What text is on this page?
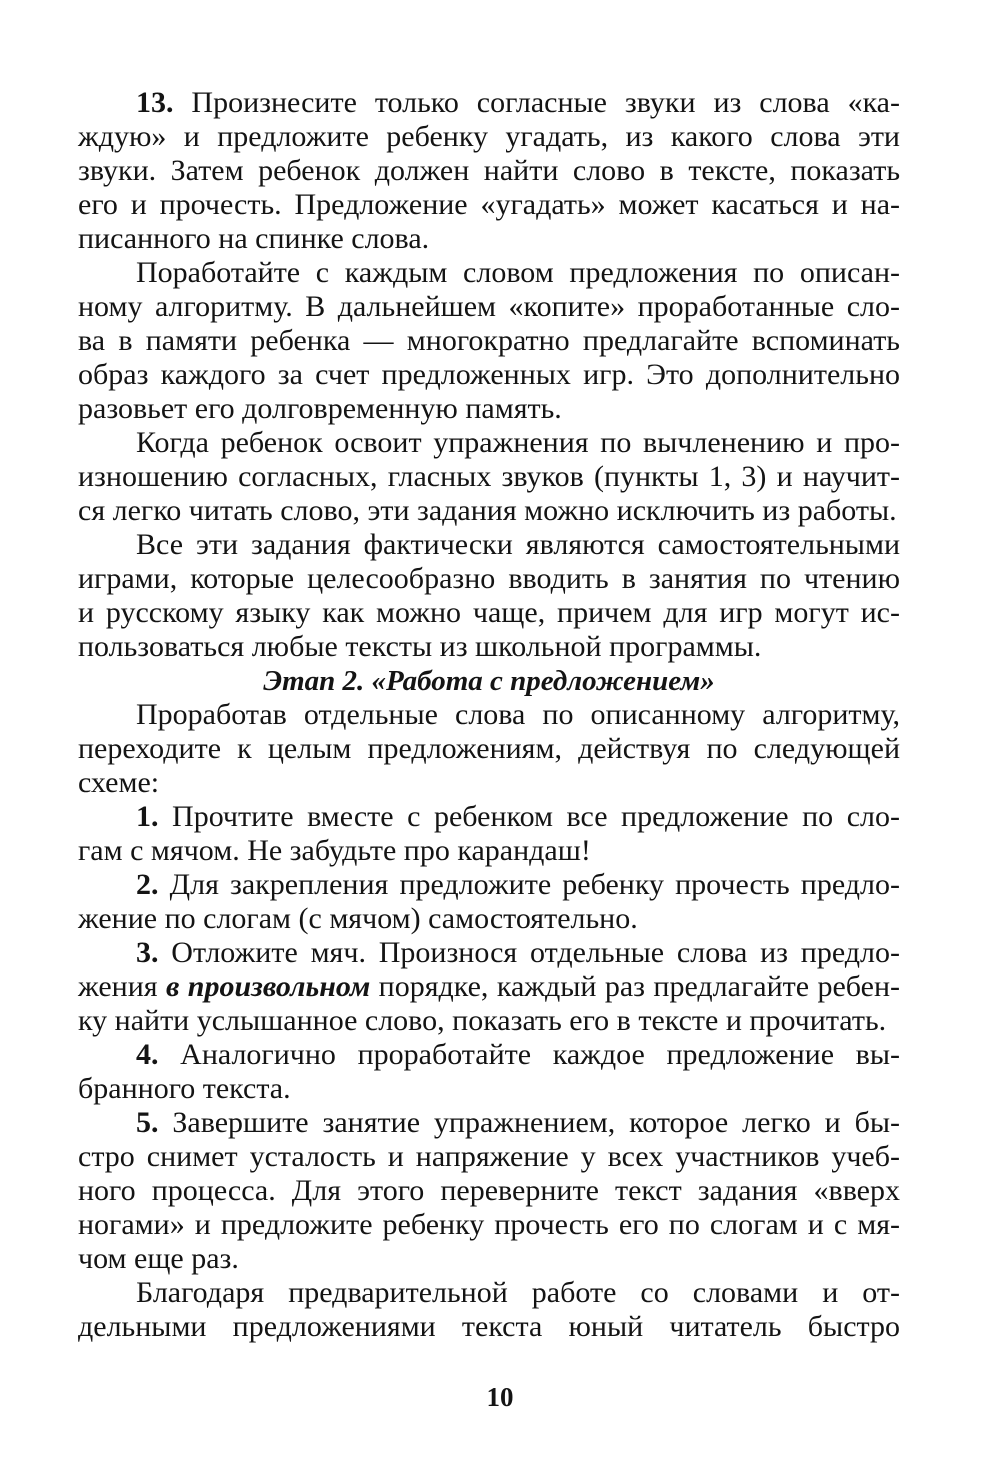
13. Произнесите только согласные звуки из слова «ка-
ждую» и предложите ребенку угадать, из какого слова эти
звуки. Затем ребенок должен найти слово в тексте, показать
его и прочесть. Предложение «угадать» может касаться и на-
писанного на спинке слова.
Поработайте с каждым словом предложения по описан-
ному алгоритму. В дальнейшем «копите» проработанные сло-
ва в памяти ребенка — многократно предлагайте вспоминать
образ каждого за счет предложенных игр. Это дополнительно
разовьет его долговременную память.
Когда ребенок освоит упражнения по вычленению и про-
изношению согласных, гласных звуков (пункты 1, 3) и научит-
ся легко читать слово, эти задания можно исключить из работы.
Все эти задания фактически являются самостоятельными
играми, которые целесообразно вводить в занятия по чтению
и русскому языку как можно чаще, причем для игр могут ис-
пользоваться любые тексты из школьной программы.
Этап 2. «Работа с предложением»
Проработав отдельные слова по описанному алгоритму,
переходите к целым предложениям, действуя по следующей
схеме:
1. Прочтите вместе с ребенком все предложение по сло-
гам с мячом. Не забудьте про карандаш!
2. Для закрепления предложите ребенку прочесть предло-
жение по слогам (с мячом) самостоятельно.
3. Отложите мяч. Произнося отдельные слова из предло-
жения в произвольном порядке, каждый раз предлагайте ребен-
ку найти услышанное слово, показать его в тексте и прочитать.
4. Аналогично проработайте каждое предложение вы-
бранного текста.
5. Завершите занятие упражнением, которое легко и бы-
стро снимет усталость и напряжение у всех участников учеб-
ного процесса. Для этого переверните текст задания «вверх
ногами» и предложите ребенку прочесть его по слогам и с мя-
чом еще раз.
Благодаря предварительной работе со словами и от-
дельными предложениями текста юный читатель быстро
10
